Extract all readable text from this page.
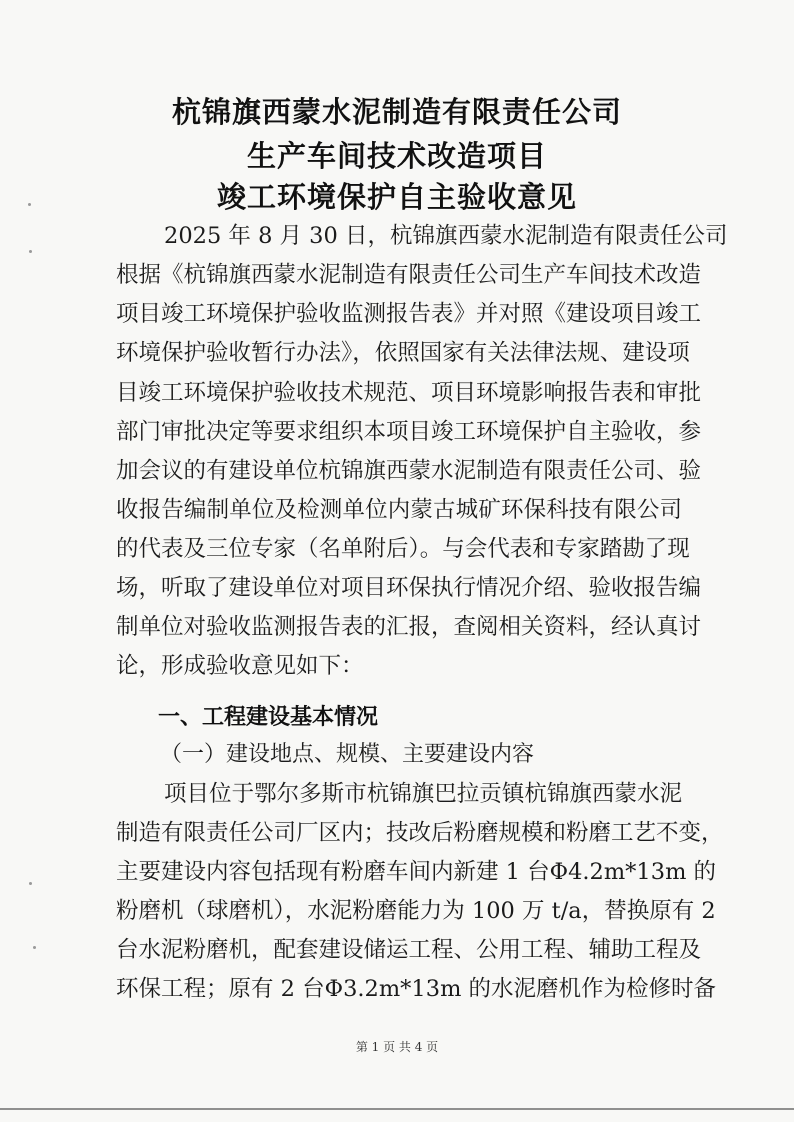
杭锦旗西蒙水泥制造有限责任公司
生产车间技术改造项目
竣工环境保护自主验收意见
2025 年 8 月 30 日，杭锦旗西蒙水泥制造有限责任公司
根据《杭锦旗西蒙水泥制造有限责任公司生产车间技术改造
项目竣工环境保护验收监测报告表》并对照《建设项目竣工
环境保护验收暂行办法》，依照国家有关法律法规、建设项
目竣工环境保护验收技术规范、项目环境影响报告表和审批
部门审批决定等要求组织本项目竣工环境保护自主验收，参
加会议的有建设单位杭锦旗西蒙水泥制造有限责任公司、验
收报告编制单位及检测单位内蒙古城矿环保科技有限公司
的代表及三位专家（名单附后）。与会代表和专家踏勘了现
场，听取了建设单位对项目环保执行情况介绍、验收报告编
制单位对验收监测报告表的汇报，查阅相关资料，经认真讨
论，形成验收意见如下：
一、工程建设基本情况
（一）建设地点、规模、主要建设内容
项目位于鄂尔多斯市杭锦旗巴拉贡镇杭锦旗西蒙水泥
制造有限责任公司厂区内；技改后粉磨规模和粉磨工艺不变，
主要建设内容包括现有粉磨车间内新建 1 台Φ4.2m*13m 的
粉磨机（球磨机），水泥粉磨能力为 100 万 t/a，替换原有 2
台水泥粉磨机，配套建设储运工程、公用工程、辅助工程及
环保工程；原有 2 台Φ3.2m*13m 的水泥磨机作为检修时备
第 1 页 共 4 页
